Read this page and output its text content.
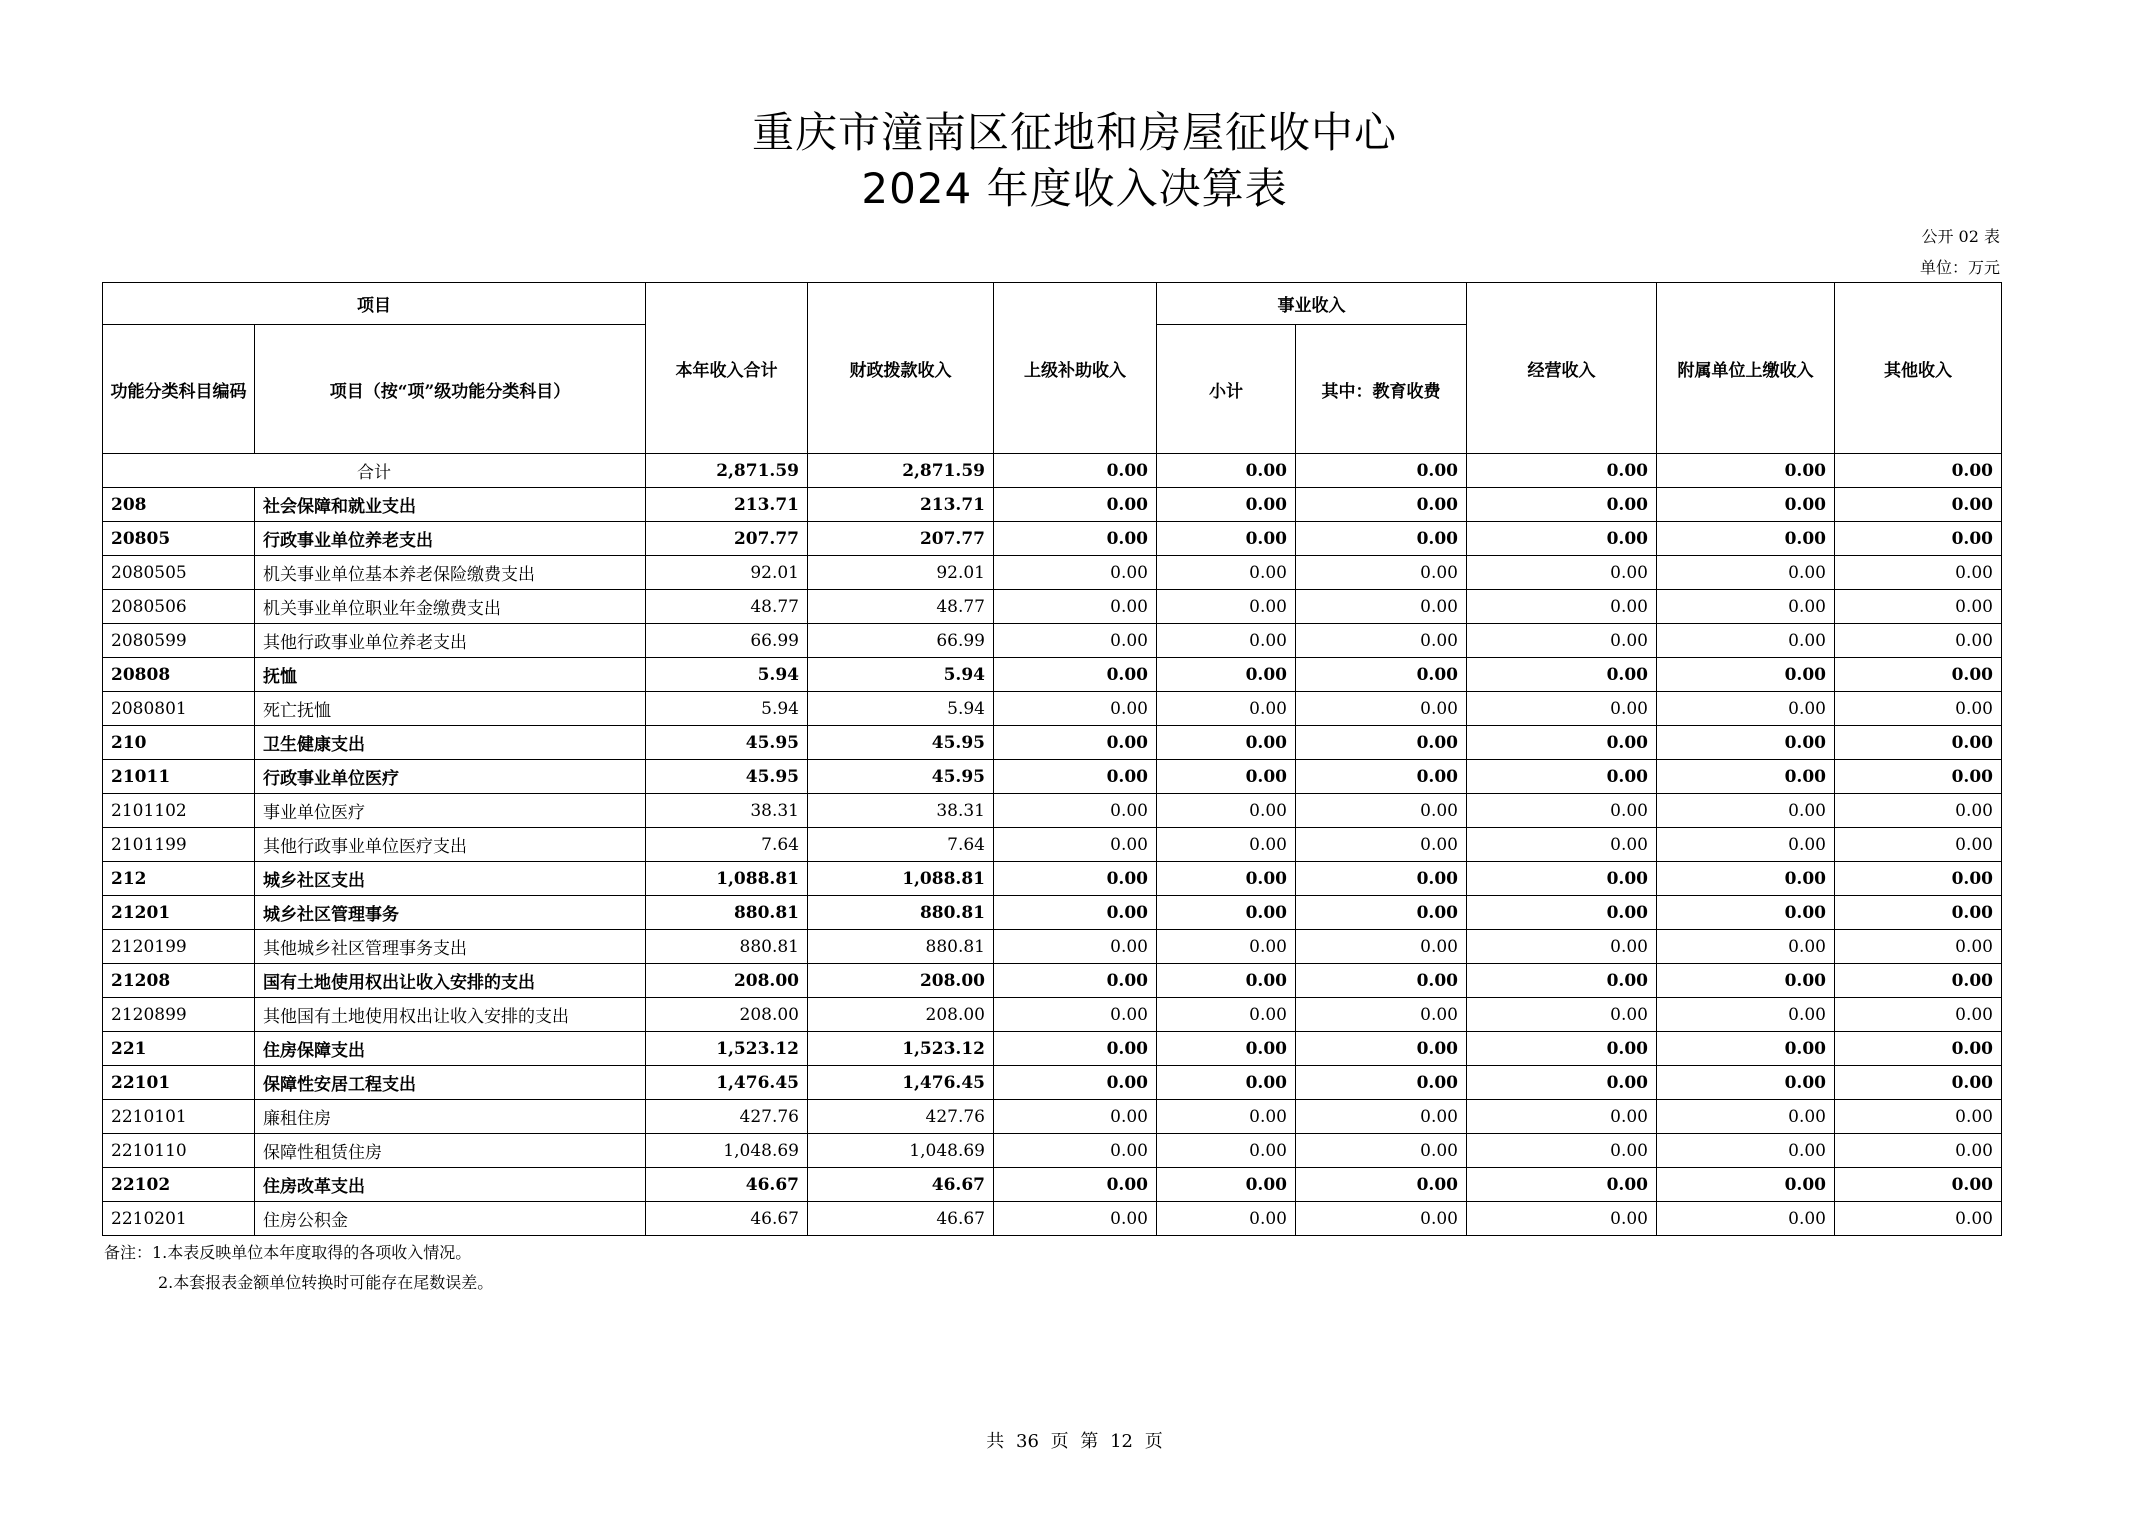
重庆市潼南区征地和房屋征收中心
2024 年度收入决算表
公开 02 表
单位：万元
项目		本年收入合计	财政拨款收入	上级补助收入	事业收入		经营收入	附属单位上缴收入	其他收入
功能分类科目编码	项目（按“项”级功能分类科目）				小计	其中：教育收费			
合计		2,871.59	2,871.59	0.00	0.00	0.00	0.00	0.00	0.00
208	社会保障和就业支出	213.71	213.71	0.00	0.00	0.00	0.00	0.00	0.00
20805	行政事业单位养老支出	207.77	207.77	0.00	0.00	0.00	0.00	0.00	0.00
2080505	机关事业单位基本养老保险缴费支出	92.01	92.01	0.00	0.00	0.00	0.00	0.00	0.00
2080506	机关事业单位职业年金缴费支出	48.77	48.77	0.00	0.00	0.00	0.00	0.00	0.00
2080599	其他行政事业单位养老支出	66.99	66.99	0.00	0.00	0.00	0.00	0.00	0.00
20808	抚恤	5.94	5.94	0.00	0.00	0.00	0.00	0.00	0.00
2080801	死亡抚恤	5.94	5.94	0.00	0.00	0.00	0.00	0.00	0.00
210	卫生健康支出	45.95	45.95	0.00	0.00	0.00	0.00	0.00	0.00
21011	行政事业单位医疗	45.95	45.95	0.00	0.00	0.00	0.00	0.00	0.00
2101102	事业单位医疗	38.31	38.31	0.00	0.00	0.00	0.00	0.00	0.00
2101199	其他行政事业单位医疗支出	7.64	7.64	0.00	0.00	0.00	0.00	0.00	0.00
212	城乡社区支出	1,088.81	1,088.81	0.00	0.00	0.00	0.00	0.00	0.00
21201	城乡社区管理事务	880.81	880.81	0.00	0.00	0.00	0.00	0.00	0.00
2120199	其他城乡社区管理事务支出	880.81	880.81	0.00	0.00	0.00	0.00	0.00	0.00
21208	国有土地使用权出让收入安排的支出	208.00	208.00	0.00	0.00	0.00	0.00	0.00	0.00
2120899	其他国有土地使用权出让收入安排的支出	208.00	208.00	0.00	0.00	0.00	0.00	0.00	0.00
221	住房保障支出	1,523.12	1,523.12	0.00	0.00	0.00	0.00	0.00	0.00
22101	保障性安居工程支出	1,476.45	1,476.45	0.00	0.00	0.00	0.00	0.00	0.00
2210101	廉租住房	427.76	427.76	0.00	0.00	0.00	0.00	0.00	0.00
2210110	保障性租赁住房	1,048.69	1,048.69	0.00	0.00	0.00	0.00	0.00	0.00
22102	住房改革支出	46.67	46.67	0.00	0.00	0.00	0.00	0.00	0.00
2210201	住房公积金	46.67	46.67	0.00	0.00	0.00	0.00	0.00	0.00
备注：1.本表反映单位本年度取得的各项收入情况。
2.本套报表金额单位转换时可能存在尾数误差。
共 36 页 第 12 页
